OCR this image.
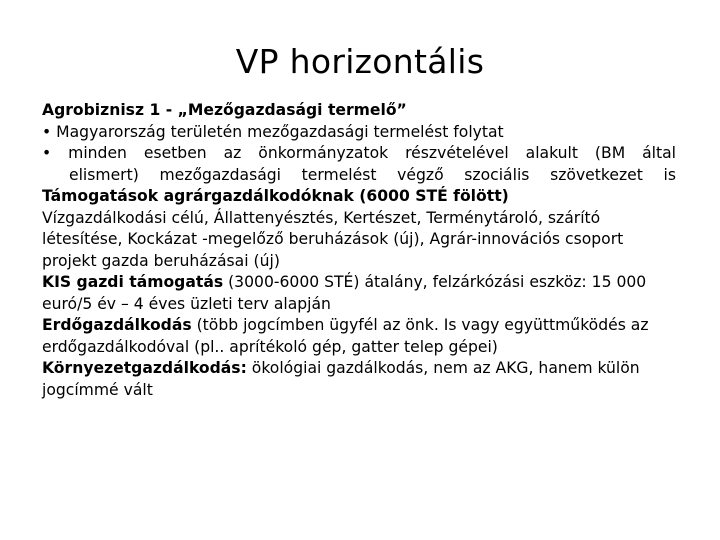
VP horizontális

Agrobiznisz 1 - „Mezőgazdasági termelő”

• Magyarország területén mezőgazdasági termelést folytat

• minden esetben az önkormányzatok részvételével alakult (BM által

elismert) mezőgazdasági termelést végző szociális szövetkezet is

Támogatások agrárgazdálkodóknak (6000 STÉ fölött)

Vízgazdálkodási célú, Állattenyésztés, Kertészet, Terménytároló, szárító létesítése, Kockázat -megelőző beruházások (új), Agrár-innovációs csoport projekt gazda beruházásai (új)

KIS gazdi támogatás (3000-6000 STÉ) átalány, felzárkózási eszköz: 15 000 euró/5 év – 4 éves üzleti terv alapján

Erdőgazdálkodás (több jogcímben ügyfél az önk. Is vagy együttműködés az erdőgazdálkodóval (pl.. aprítékoló gép, gatter telep gépei)

Környezetgazdálkodás: ökológiai gazdálkodás, nem az AKG, hanem külön jogcímmé vált
